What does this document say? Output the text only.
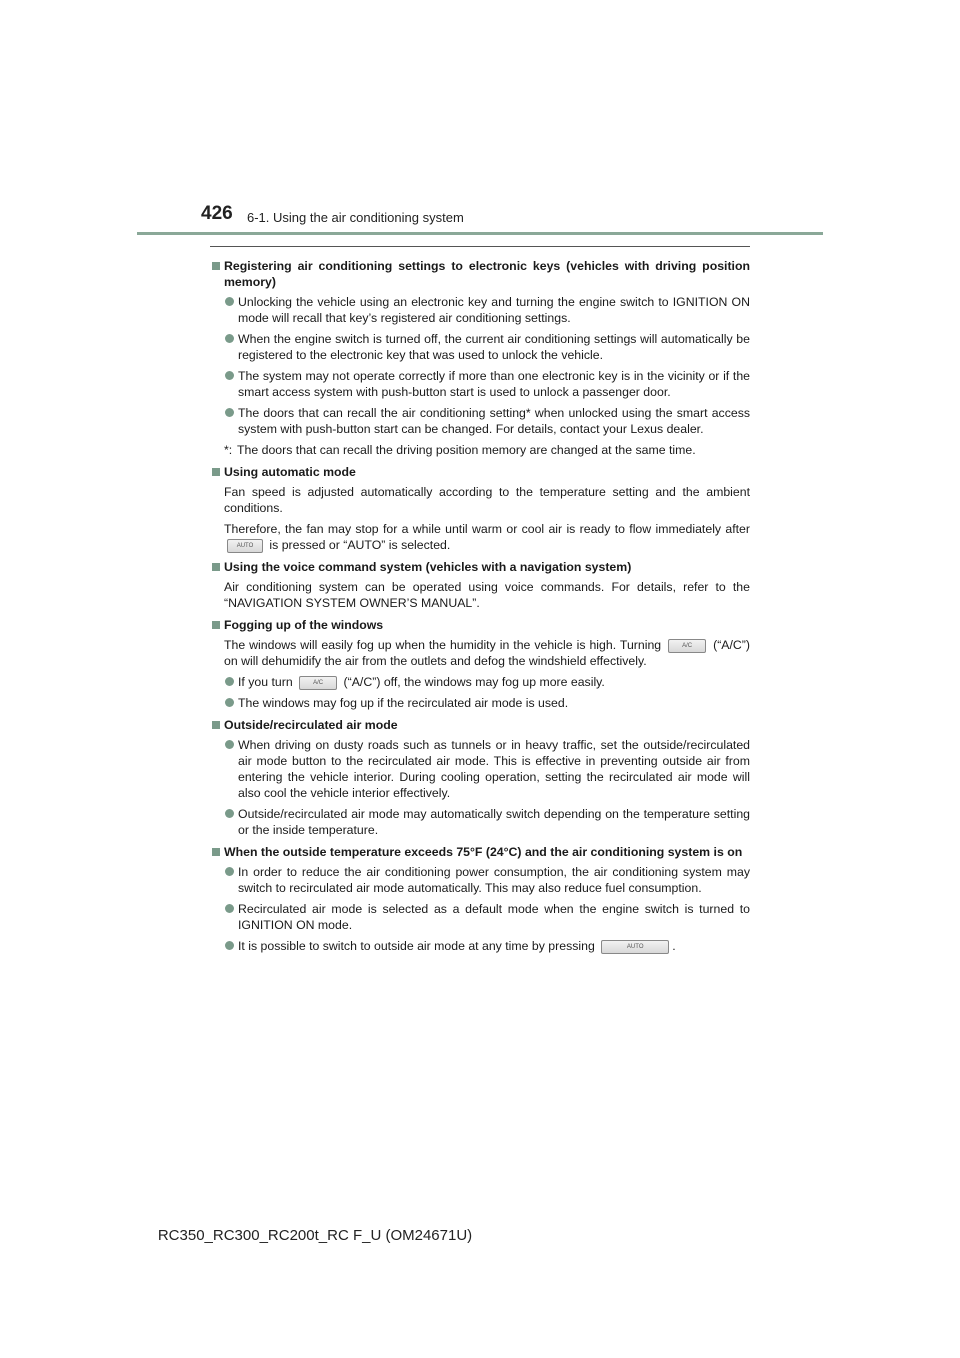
426 6-1. Using the air conditioning system
Registering air conditioning settings to electronic keys (vehicles with driving position memory)
Unlocking the vehicle using an electronic key and turning the engine switch to IGNITION ON mode will recall that key’s registered air conditioning settings.
When the engine switch is turned off, the current air conditioning settings will automatically be registered to the electronic key that was used to unlock the vehicle.
The system may not operate correctly if more than one electronic key is in the vicinity or if the smart access system with push-button start is used to unlock a passenger door.
The doors that can recall the air conditioning setting* when unlocked using the smart access system with push-button start can be changed. For details, contact your Lexus dealer.
*: The doors that can recall the driving position memory are changed at the same time.
Using automatic mode
Fan speed is adjusted automatically according to the temperature setting and the ambient conditions.
Therefore, the fan may stop for a while until warm or cool air is ready to flow immediately after AUTO is pressed or “AUTO” is selected.
Using the voice command system (vehicles with a navigation system)
Air conditioning system can be operated using voice commands. For details, refer to the “NAVIGATION SYSTEM OWNER’S MANUAL”.
Fogging up of the windows
The windows will easily fog up when the humidity in the vehicle is high. Turning	A/C (“A/C”) on will dehumidify the air from the outlets and defog the windshield effectively.
If you turn	A/C (“A/C”) off, the windows may fog up more easily.
The windows may fog up if the recirculated air mode is used.
Outside/recirculated air mode
When driving on dusty roads such as tunnels or in heavy traffic, set the outside/recirculated air mode button to the recirculated air mode. This is effective in preventing outside air from entering the vehicle interior. During cooling operation, setting the recirculated air mode will also cool the vehicle interior effectively.
Outside/recirculated air mode may automatically switch depending on the temperature setting or the inside temperature.
When the outside temperature exceeds 75°F (24°C) and the air conditioning system is on
In order to reduce the air conditioning power consumption, the air conditioning system may switch to recirculated air mode automatically. This may also reduce fuel consumption.
Recirculated air mode is selected as a default mode when the engine switch is turned to IGNITION ON mode.
It is possible to switch to outside air mode at any time by pressing	AUTO .
RC350_RC300_RC200t_RC F_U (OM24671U)
